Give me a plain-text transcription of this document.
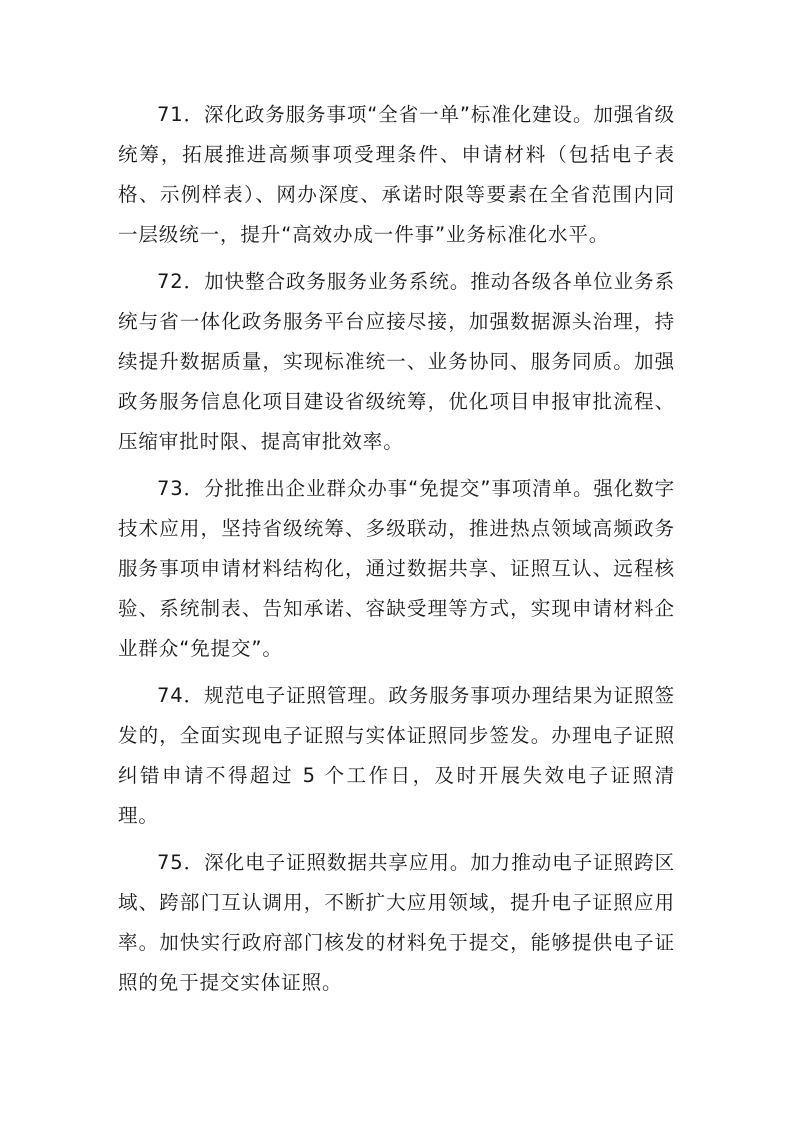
71．深化政务服务事项“全省一单”标准化建设。加强省级统筹，拓展推进高频事项受理条件、申请材料（包括电子表格、示例样表）、网办深度、承诺时限等要素在全省范围内同一层级统一，提升“高效办成一件事”业务标准化水平。

72．加快整合政务服务业务系统。推动各级各单位业务系统与省一体化政务服务平台应接尽接，加强数据源头治理，持续提升数据质量，实现标准统一、业务协同、服务同质。加强政务服务信息化项目建设省级统筹，优化项目申报审批流程、压缩审批时限、提高审批效率。

73．分批推出企业群众办事“免提交”事项清单。强化数字技术应用，坚持省级统筹、多级联动，推进热点领域高频政务服务事项申请材料结构化，通过数据共享、证照互认、远程核验、系统制表、告知承诺、容缺受理等方式，实现申请材料企业群众“免提交”。

74．规范电子证照管理。政务服务事项办理结果为证照签发的，全面实现电子证照与实体证照同步签发。办理电子证照纠错申请不得超过 5 个工作日，及时开展失效电子证照清理。

75．深化电子证照数据共享应用。加力推动电子证照跨区域、跨部门互认调用，不断扩大应用领域，提升电子证照应用率。加快实行政府部门核发的材料免于提交，能够提供电子证照的免于提交实体证照。
